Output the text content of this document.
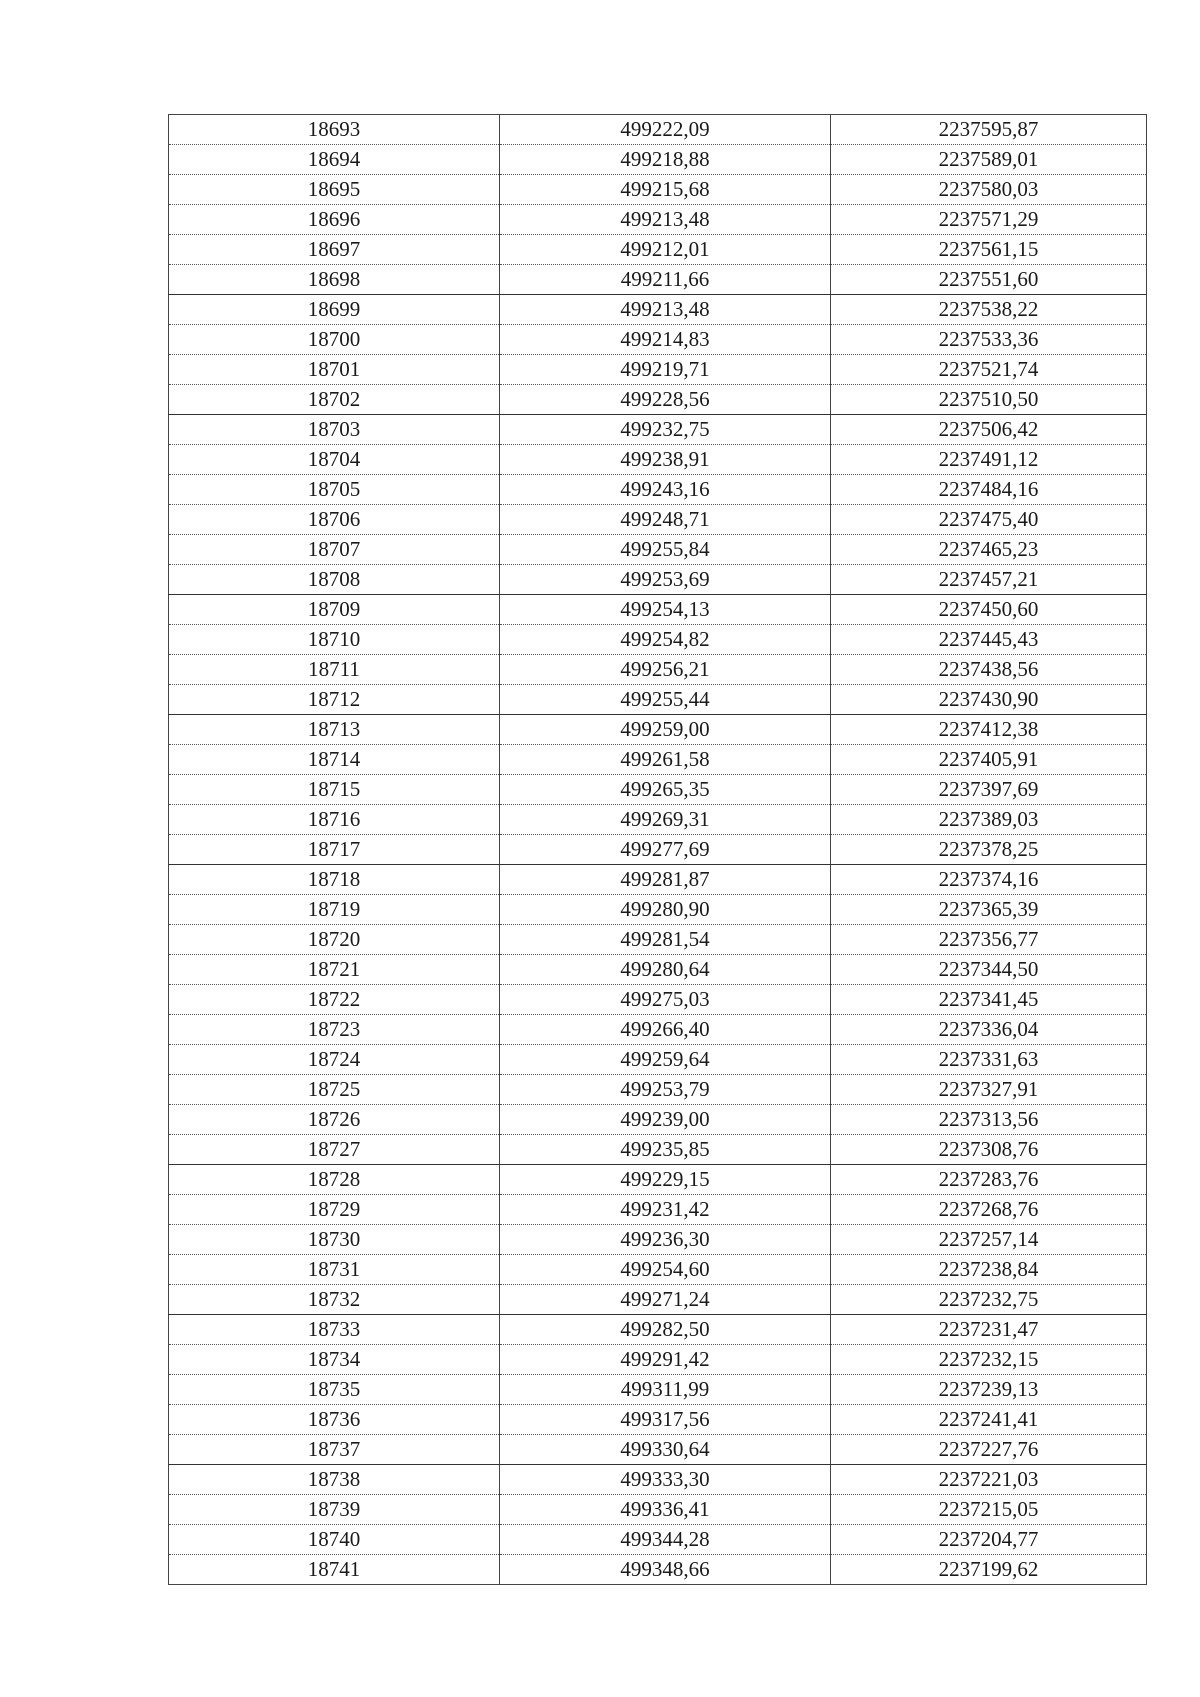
18693	499222,09	2237595,87
18694	499218,88	2237589,01
18695	499215,68	2237580,03
18696	499213,48	2237571,29
18697	499212,01	2237561,15
18698	499211,66	2237551,60
18699	499213,48	2237538,22
18700	499214,83	2237533,36
18701	499219,71	2237521,74
18702	499228,56	2237510,50
18703	499232,75	2237506,42
18704	499238,91	2237491,12
18705	499243,16	2237484,16
18706	499248,71	2237475,40
18707	499255,84	2237465,23
18708	499253,69	2237457,21
18709	499254,13	2237450,60
18710	499254,82	2237445,43
18711	499256,21	2237438,56
18712	499255,44	2237430,90
18713	499259,00	2237412,38
18714	499261,58	2237405,91
18715	499265,35	2237397,69
18716	499269,31	2237389,03
18717	499277,69	2237378,25
18718	499281,87	2237374,16
18719	499280,90	2237365,39
18720	499281,54	2237356,77
18721	499280,64	2237344,50
18722	499275,03	2237341,45
18723	499266,40	2237336,04
18724	499259,64	2237331,63
18725	499253,79	2237327,91
18726	499239,00	2237313,56
18727	499235,85	2237308,76
18728	499229,15	2237283,76
18729	499231,42	2237268,76
18730	499236,30	2237257,14
18731	499254,60	2237238,84
18732	499271,24	2237232,75
18733	499282,50	2237231,47
18734	499291,42	2237232,15
18735	499311,99	2237239,13
18736	499317,56	2237241,41
18737	499330,64	2237227,76
18738	499333,30	2237221,03
18739	499336,41	2237215,05
18740	499344,28	2237204,77
18741	499348,66	2237199,62
